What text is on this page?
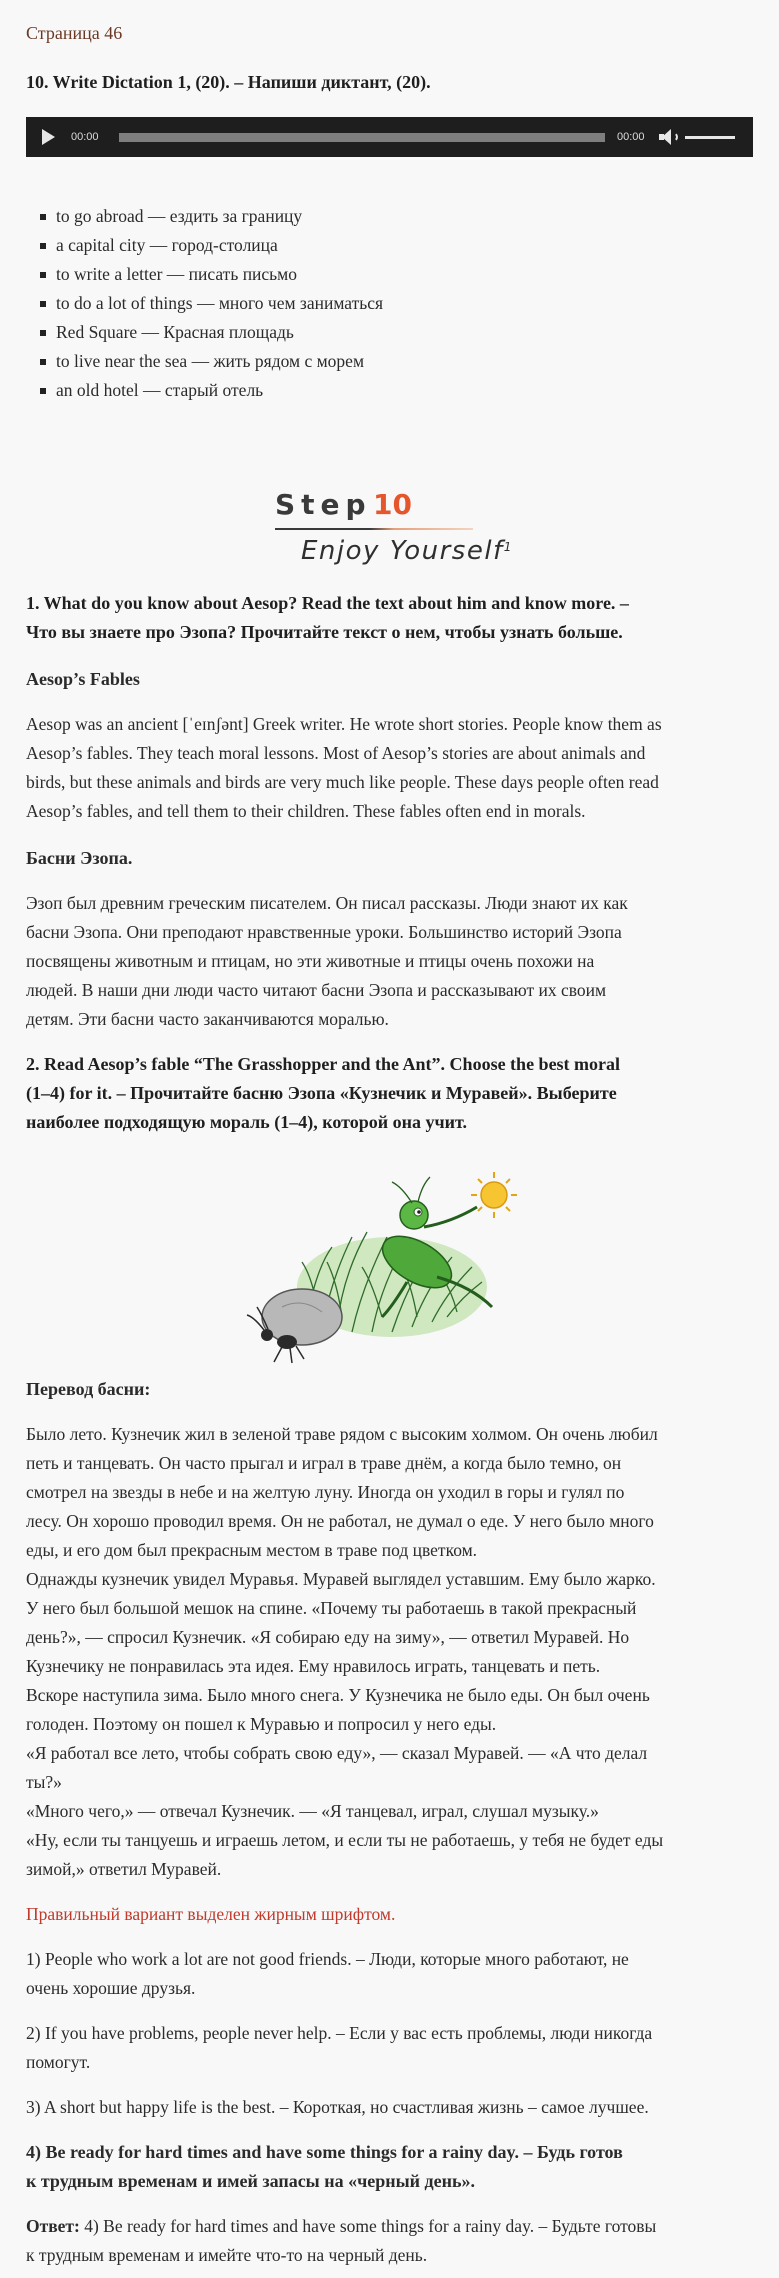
Страница 46
10. Write Dictation 1, (20). – Напиши диктант, (20).
00:00	00:00
to go abroad — ездить за границу
a capital city — город-столица
to write a letter — писать письмо
to do a lot of things — много чем заниматься
Red Square — Красная площадь
to live near the sea — жить рядом с морем
an old hotel — старый отель
Step 10
Enjoy Yourself$^1$
1. What do you know about Aesop? Read the text about him and know more. –
Что вы знаете про Эзопа? Прочитайте текст о нем, чтобы узнать больше.
Aesop’s Fables

Aesop was an ancient [ˈeɪnʃənt] Greek writer. He wrote short stories. People know them as
Aesop’s fables. They teach moral lessons. Most of Aesop’s stories are about animals and
birds, but these animals and birds are very much like people. These days people often read
Aesop’s fables, and tell them to their children. These fables often end in morals.

Басни Эзопа.

Эзоп был древним греческим писателем. Он писал рассказы. Люди знают их как
басни Эзопа. Они преподают нравственные уроки. Большинство историй Эзопа
посвящены животным и птицам, но эти животные и птицы очень похожи на
людей. В наши дни люди часто читают басни Эзопа и рассказывают их своим
детям. Эти басни часто заканчиваются моралью.

2. Read Aesop’s fable “The Grasshopper and the Ant”. Choose the best moral
(1–4) for it. – Прочитайте басню Эзопа «Кузнечик и Муравей». Выберите
наиболее подходящую мораль (1–4), которой она учит.
Перевод басни:

Было лето. Кузнечик жил в зеленой траве рядом с высоким холмом. Он очень любил
петь и танцевать. Он часто прыгал и играл в траве днём, а когда было темно, он
смотрел на звезды в небе и на желтую луну. Иногда он уходил в горы и гулял по
лесу. Он хорошо проводил время. Он не работал, не думал о еде. У него было много
еды, и его дом был прекрасным местом в траве под цветком.
Однажды кузнечик увидел Муравья. Муравей выглядел уставшим. Ему было жарко.
У него был большой мешок на спине. «Почему ты работаешь в такой прекрасный
день?», — спросил Кузнечик. «Я собираю еду на зиму», — ответил Муравей. Но
Кузнечику не понравилась эта идея. Ему нравилось играть, танцевать и петь.
Вскоре наступила зима. Было много снега. У Кузнечика не было еды. Он был очень
голоден. Поэтому он пошел к Муравью и попросил у него еды.
«Я работал все лето, чтобы собрать свою еду», — сказал Муравей. — «А что делал
ты?»
«Много чего,» — отвечал Кузнечик. — «Я танцевал, играл, слушал музыку.»
«Ну, если ты танцуешь и играешь летом, и если ты не работаешь, у тебя не будет еды
зимой,» ответил Муравей.

Правильный вариант выделен жирным шрифтом.

1) People who work a lot are not good friends. – Люди, которые много работают, не
очень хорошие друзья.

2) If you have problems, people never help. – Если у вас есть проблемы, люди никогда
помогут.

3) A short but happy life is the best. – Короткая, но счастливая жизнь – самое лучшее.

4) Be ready for hard times and have some things for a rainy day. – Будь готов
к трудным временам и имей запасы на «черный день».

Ответ: 4) Be ready for hard times and have some things for a rainy day. – Будьте готовы
к трудным временам и имейте что-то на черный день.
